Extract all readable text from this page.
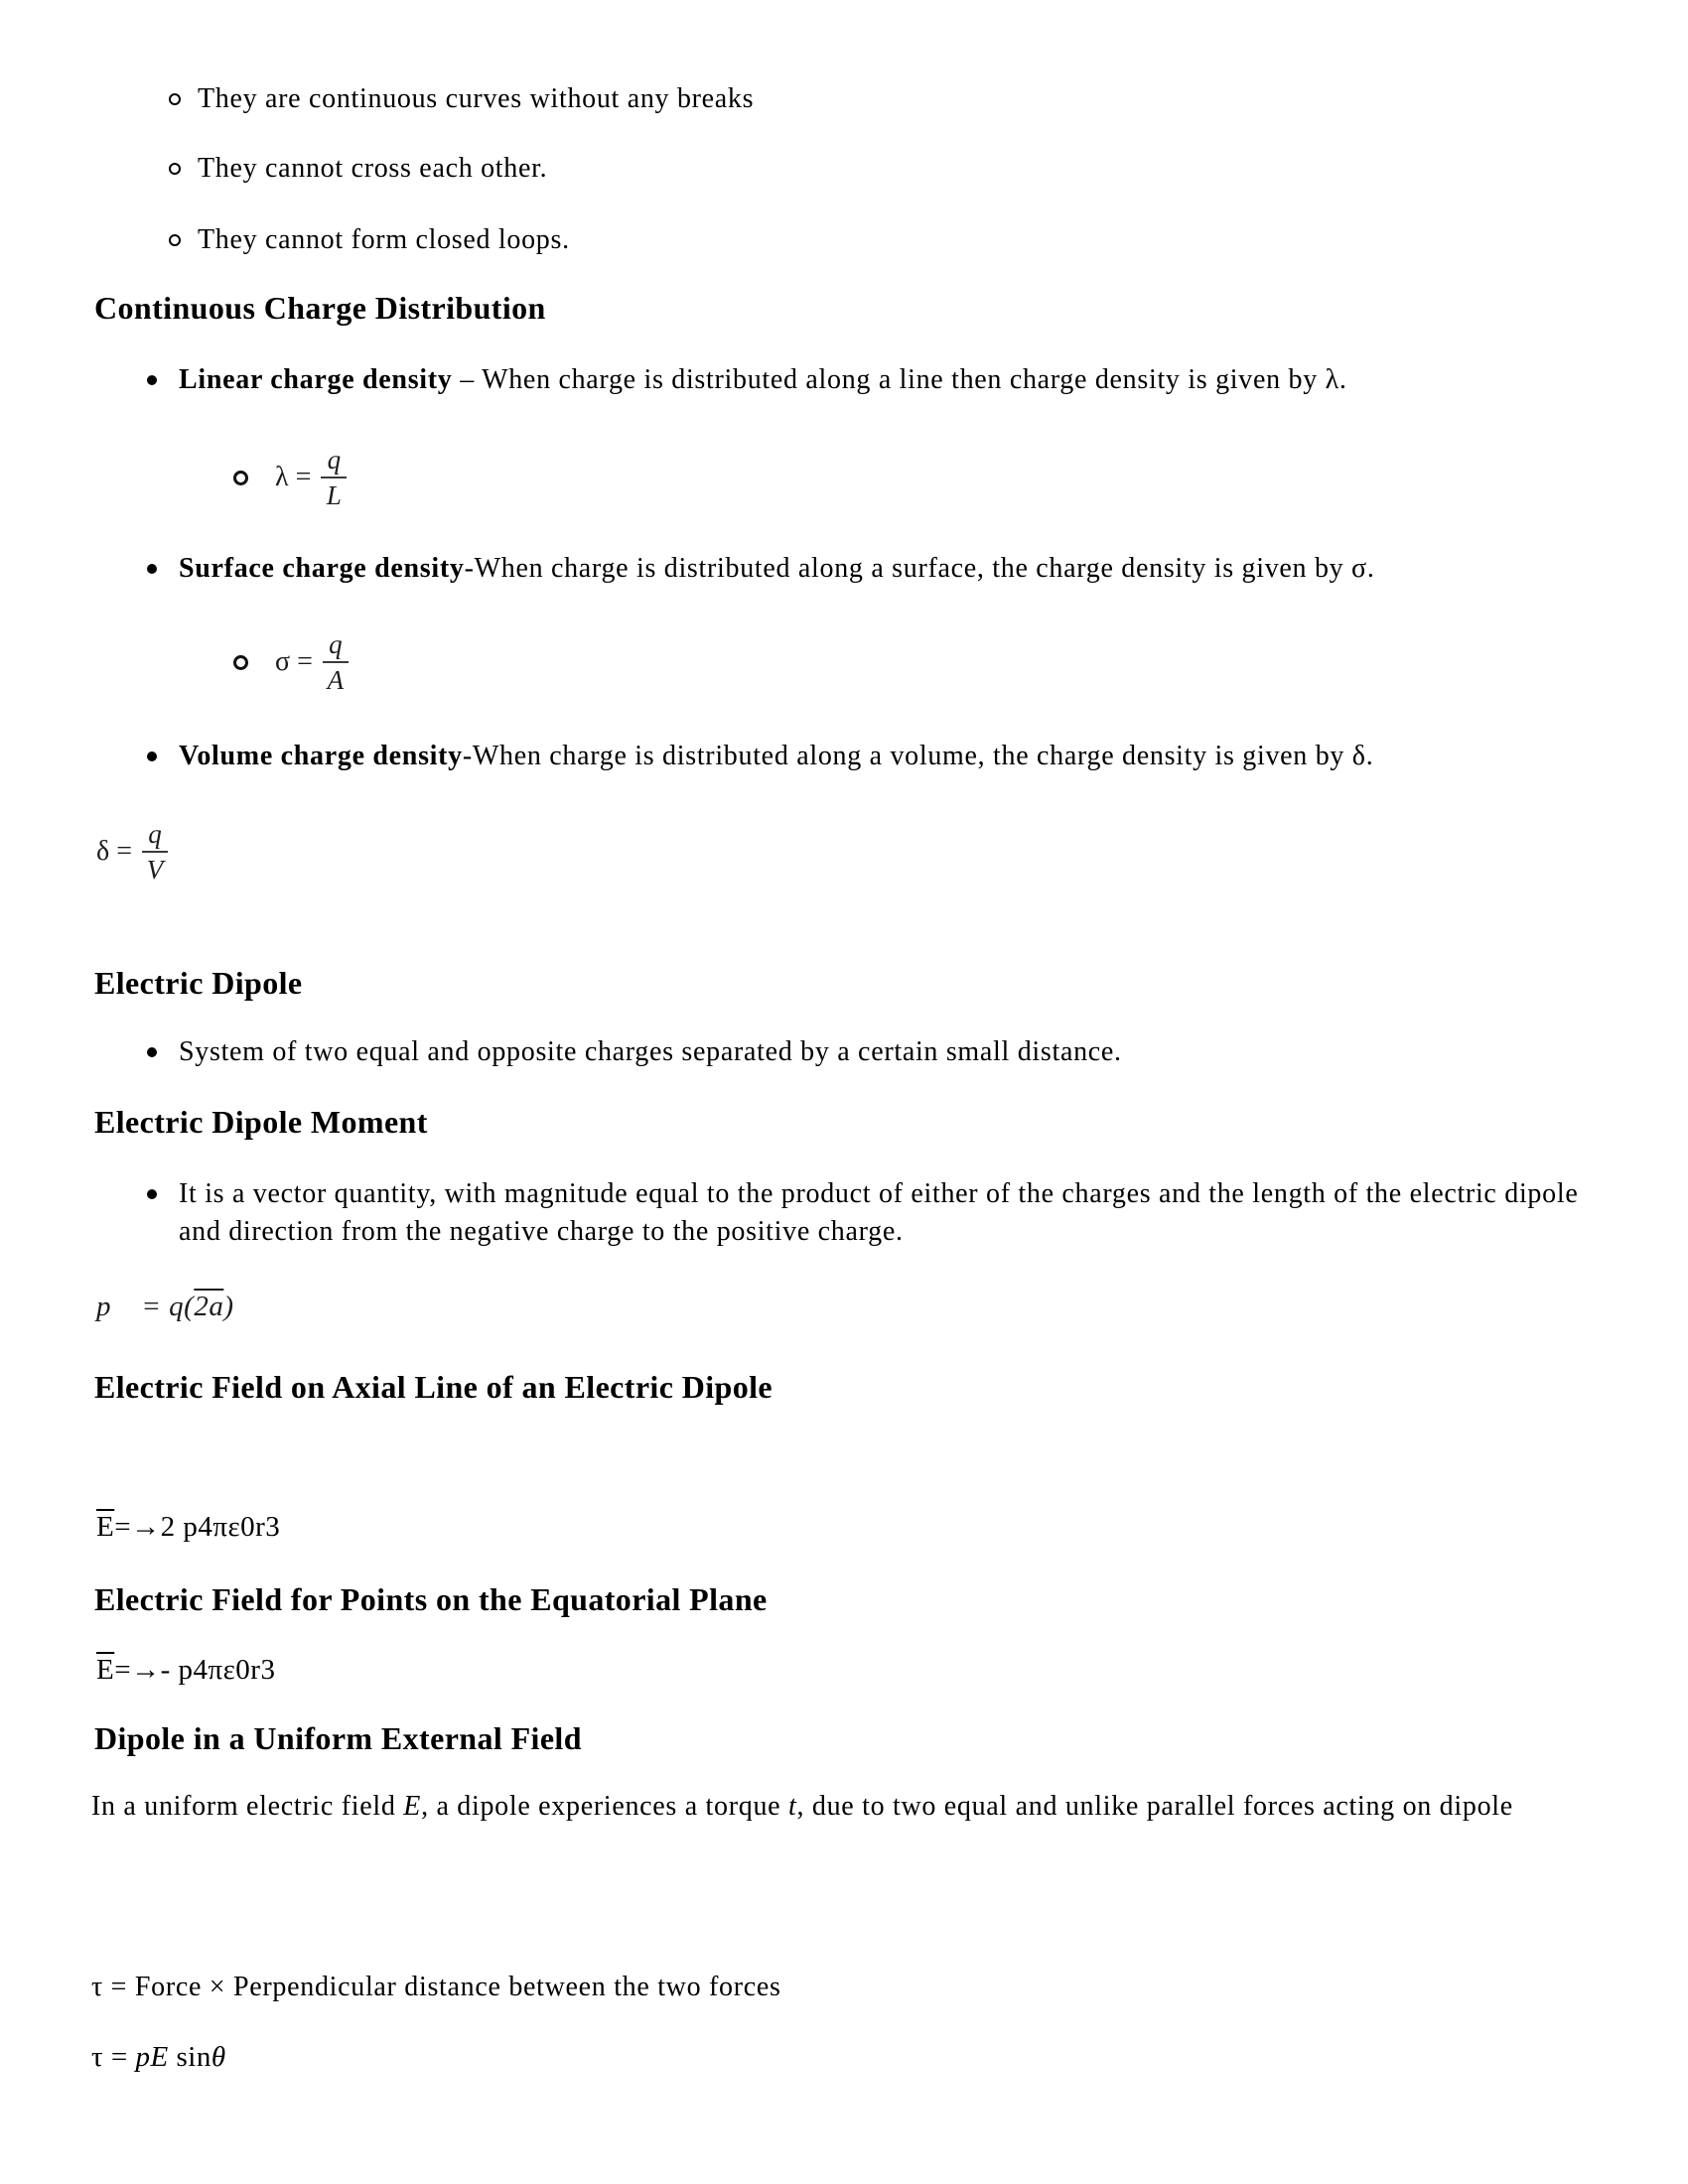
They are continuous curves without any breaks
They cannot cross each other.
They cannot form closed loops.
Continuous Charge Distribution
Linear charge density – When charge is distributed along a line then charge density is given by λ.
$\lambda = \frac{q}{L}$
Surface charge density-When charge is distributed along a surface, the charge density is given by σ.
$\sigma = \frac{q}{A}$
Volume charge density-When charge is distributed along a volume, the charge density is given by δ.
$\delta = \frac{q}{V}$
Electric Dipole
System of two equal and opposite charges separated by a certain small distance.
Electric Dipole Moment
It is a vector quantity, with magnitude equal to the product of either of the charges and the length of the electric dipole and direction from the negative charge to the positive charge.
p⃗ = q(2a)
Electric Field on Axial Line of an Electric Dipole
$\overline{E}=\to 2$ p4πε0r3
Electric Field for Points on the Equatorial Plane
$\overline{E}=\to-$ p4πε0r3
Dipole in a Uniform External Field
In a uniform electric field E, a dipole experiences a torque t, due to two equal and unlike parallel forces acting on dipole
τ = Force × Perpendicular distance between the two forces
τ = pE sinθ
